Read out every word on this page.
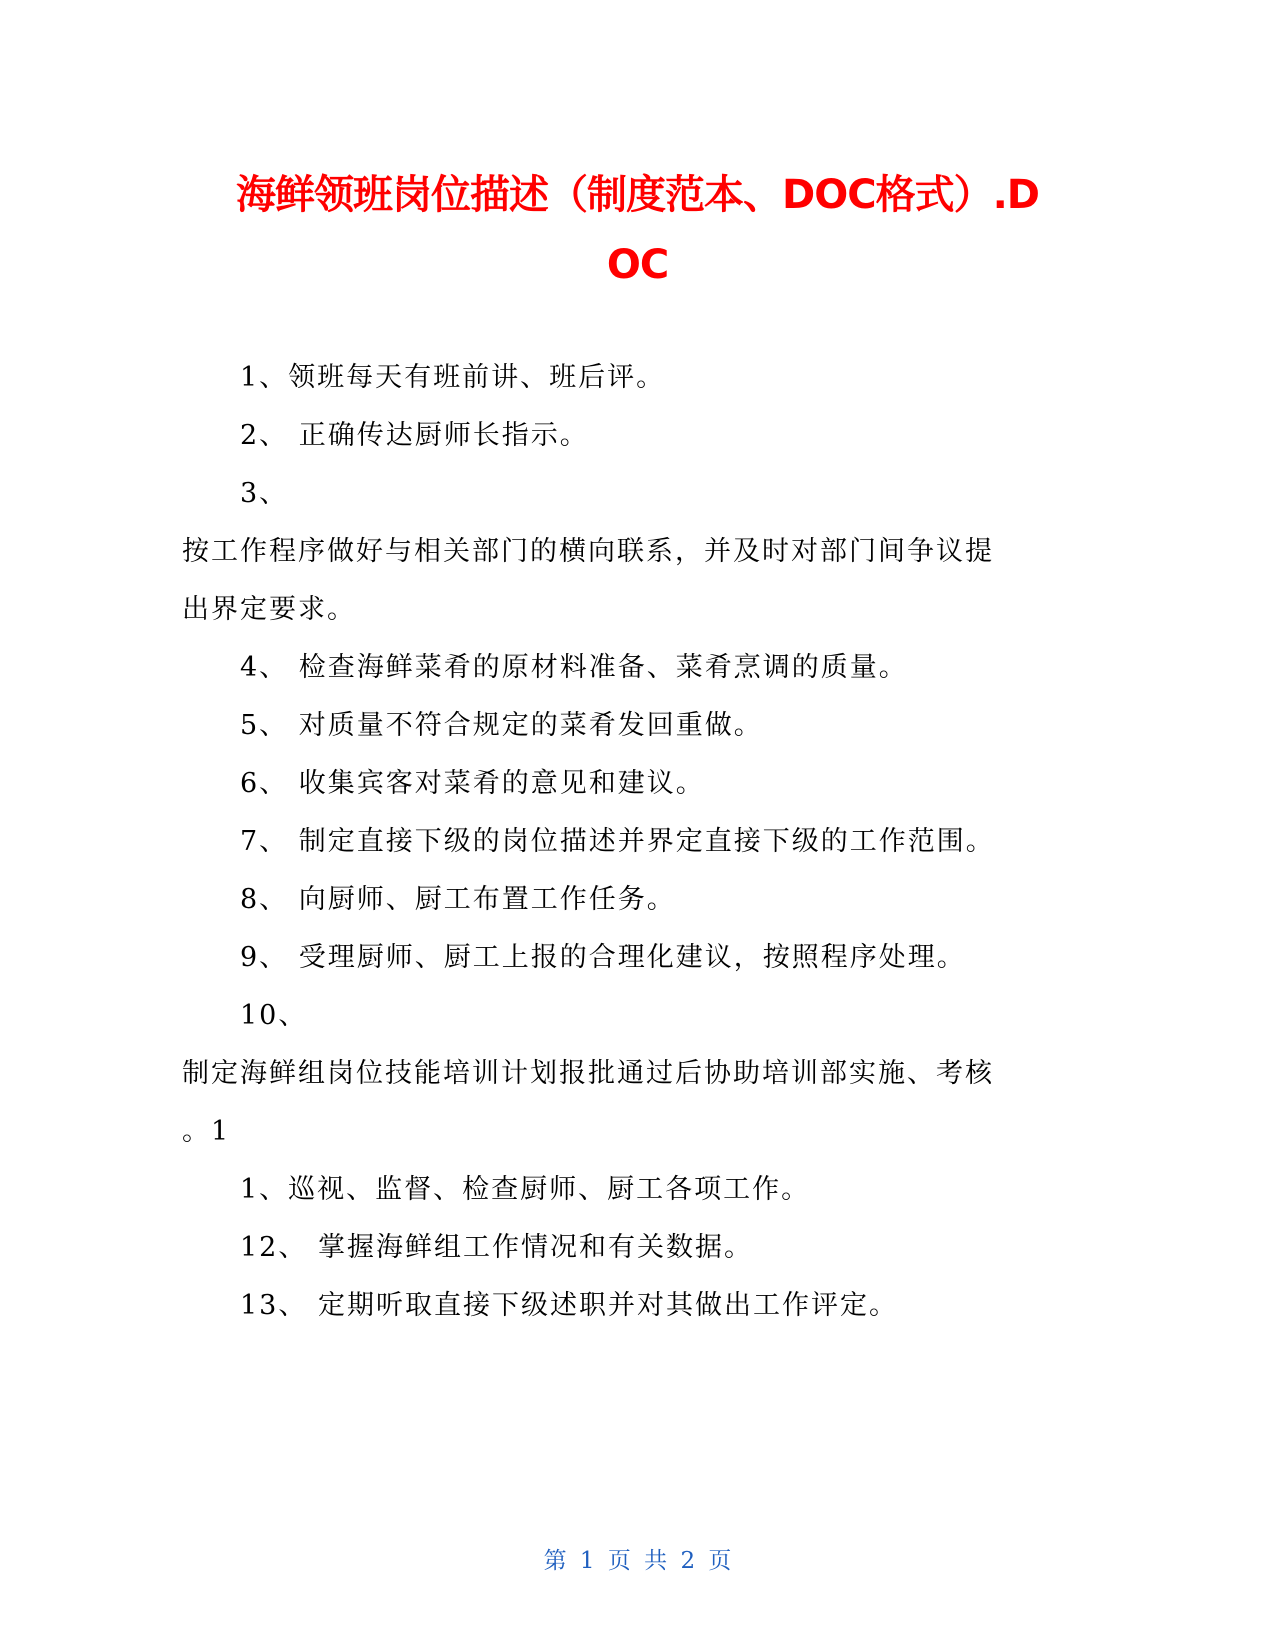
海鲜领班岗位描述（制度范本、DOC格式）.D
OC
1、领班每天有班前讲、班后评。
2、 正确传达厨师长指示。
3、
按工作程序做好与相关部门的横向联系，并及时对部门间争议提
出界定要求。
4、 检查海鲜菜肴的原材料准备、菜肴烹调的质量。
5、 对质量不符合规定的菜肴发回重做。
6、 收集宾客对菜肴的意见和建议。
7、 制定直接下级的岗位描述并界定直接下级的工作范围。
8、 向厨师、厨工布置工作任务。
9、 受理厨师、厨工上报的合理化建议，按照程序处理。
10、
制定海鲜组岗位技能培训计划报批通过后协助培训部实施、考核
。1
1、巡视、监督、检查厨师、厨工各项工作。
12、 掌握海鲜组工作情况和有关数据。
13、 定期听取直接下级述职并对其做出工作评定。
第 1 页 共 2 页
